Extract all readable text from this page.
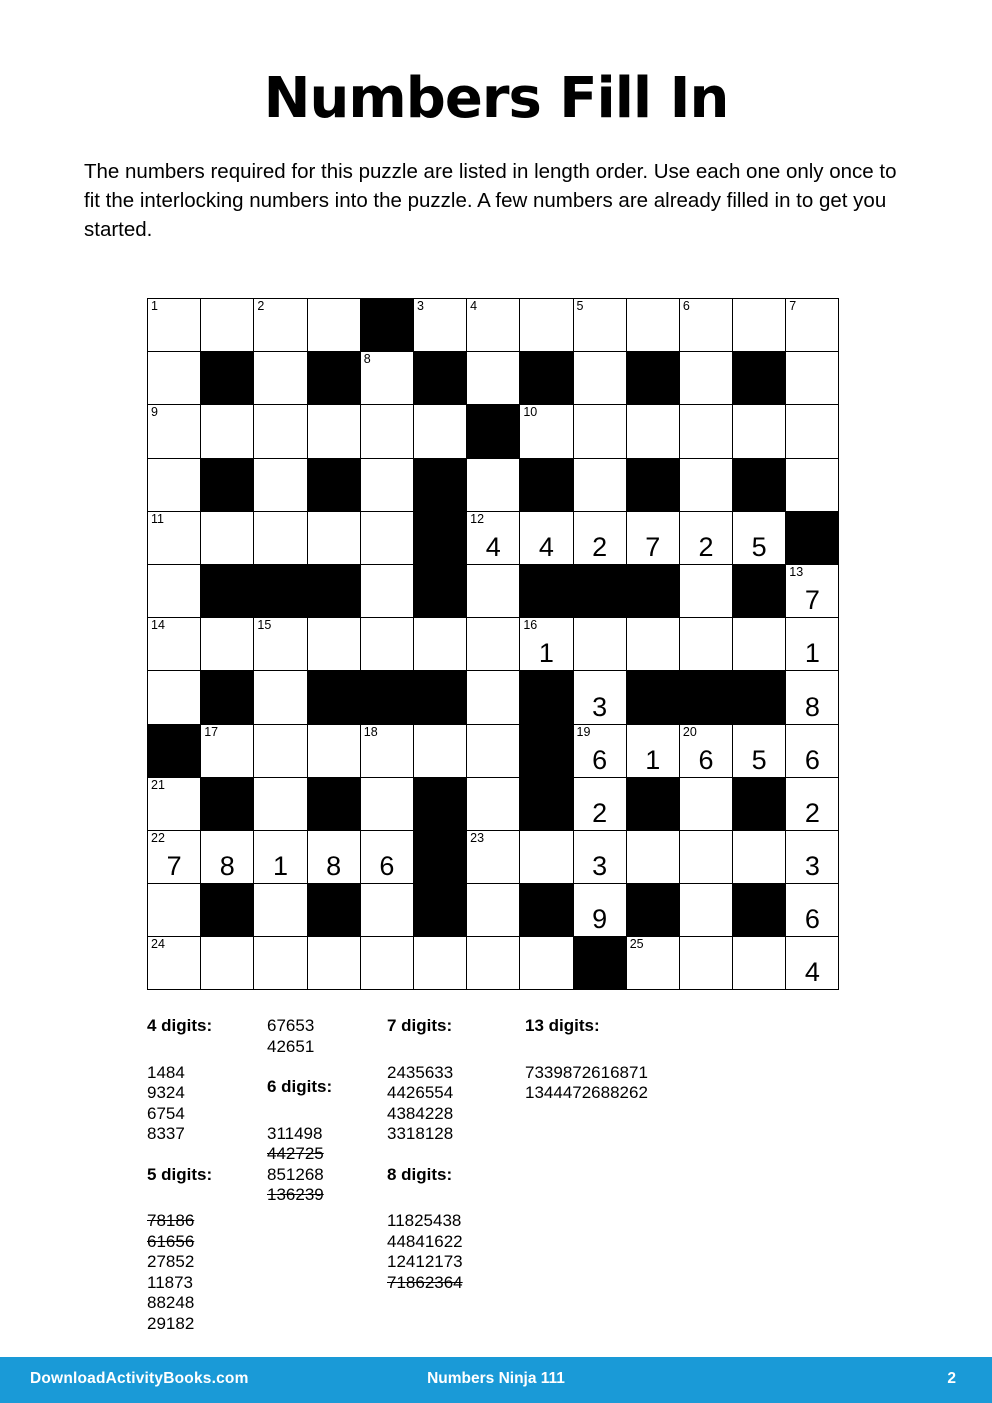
Numbers Fill In

The numbers required for this puzzle are listed in length order. Use each one only once to fit the interlocking numbers into the puzzle. A few numbers are already filled in to get you started.

1		2			3	4		5		6		7

				8								

9							10					

11						12
4	4	2	7	2	5	

												13
7

14		15					16
1					1

								3				8

	17			18				19
6	1	20
6	5	6

21								2				2

22
7	8	1	8	6		23		3				3

								9				6

24									25			4
4 digits:
1484
9324
6754
8337
5 digits:
78186
61656
27852
11873
88248
29182
67653
42651
6 digits:
311498
442725
851268
136239
7 digits:
2435633
4426554
4384228
3318128
8 digits:
11825438
44841622
12412173
71862364
13 digits:
7339872616871
1344472688262
DownloadActivityBooks.com	Numbers Ninja 111	2
